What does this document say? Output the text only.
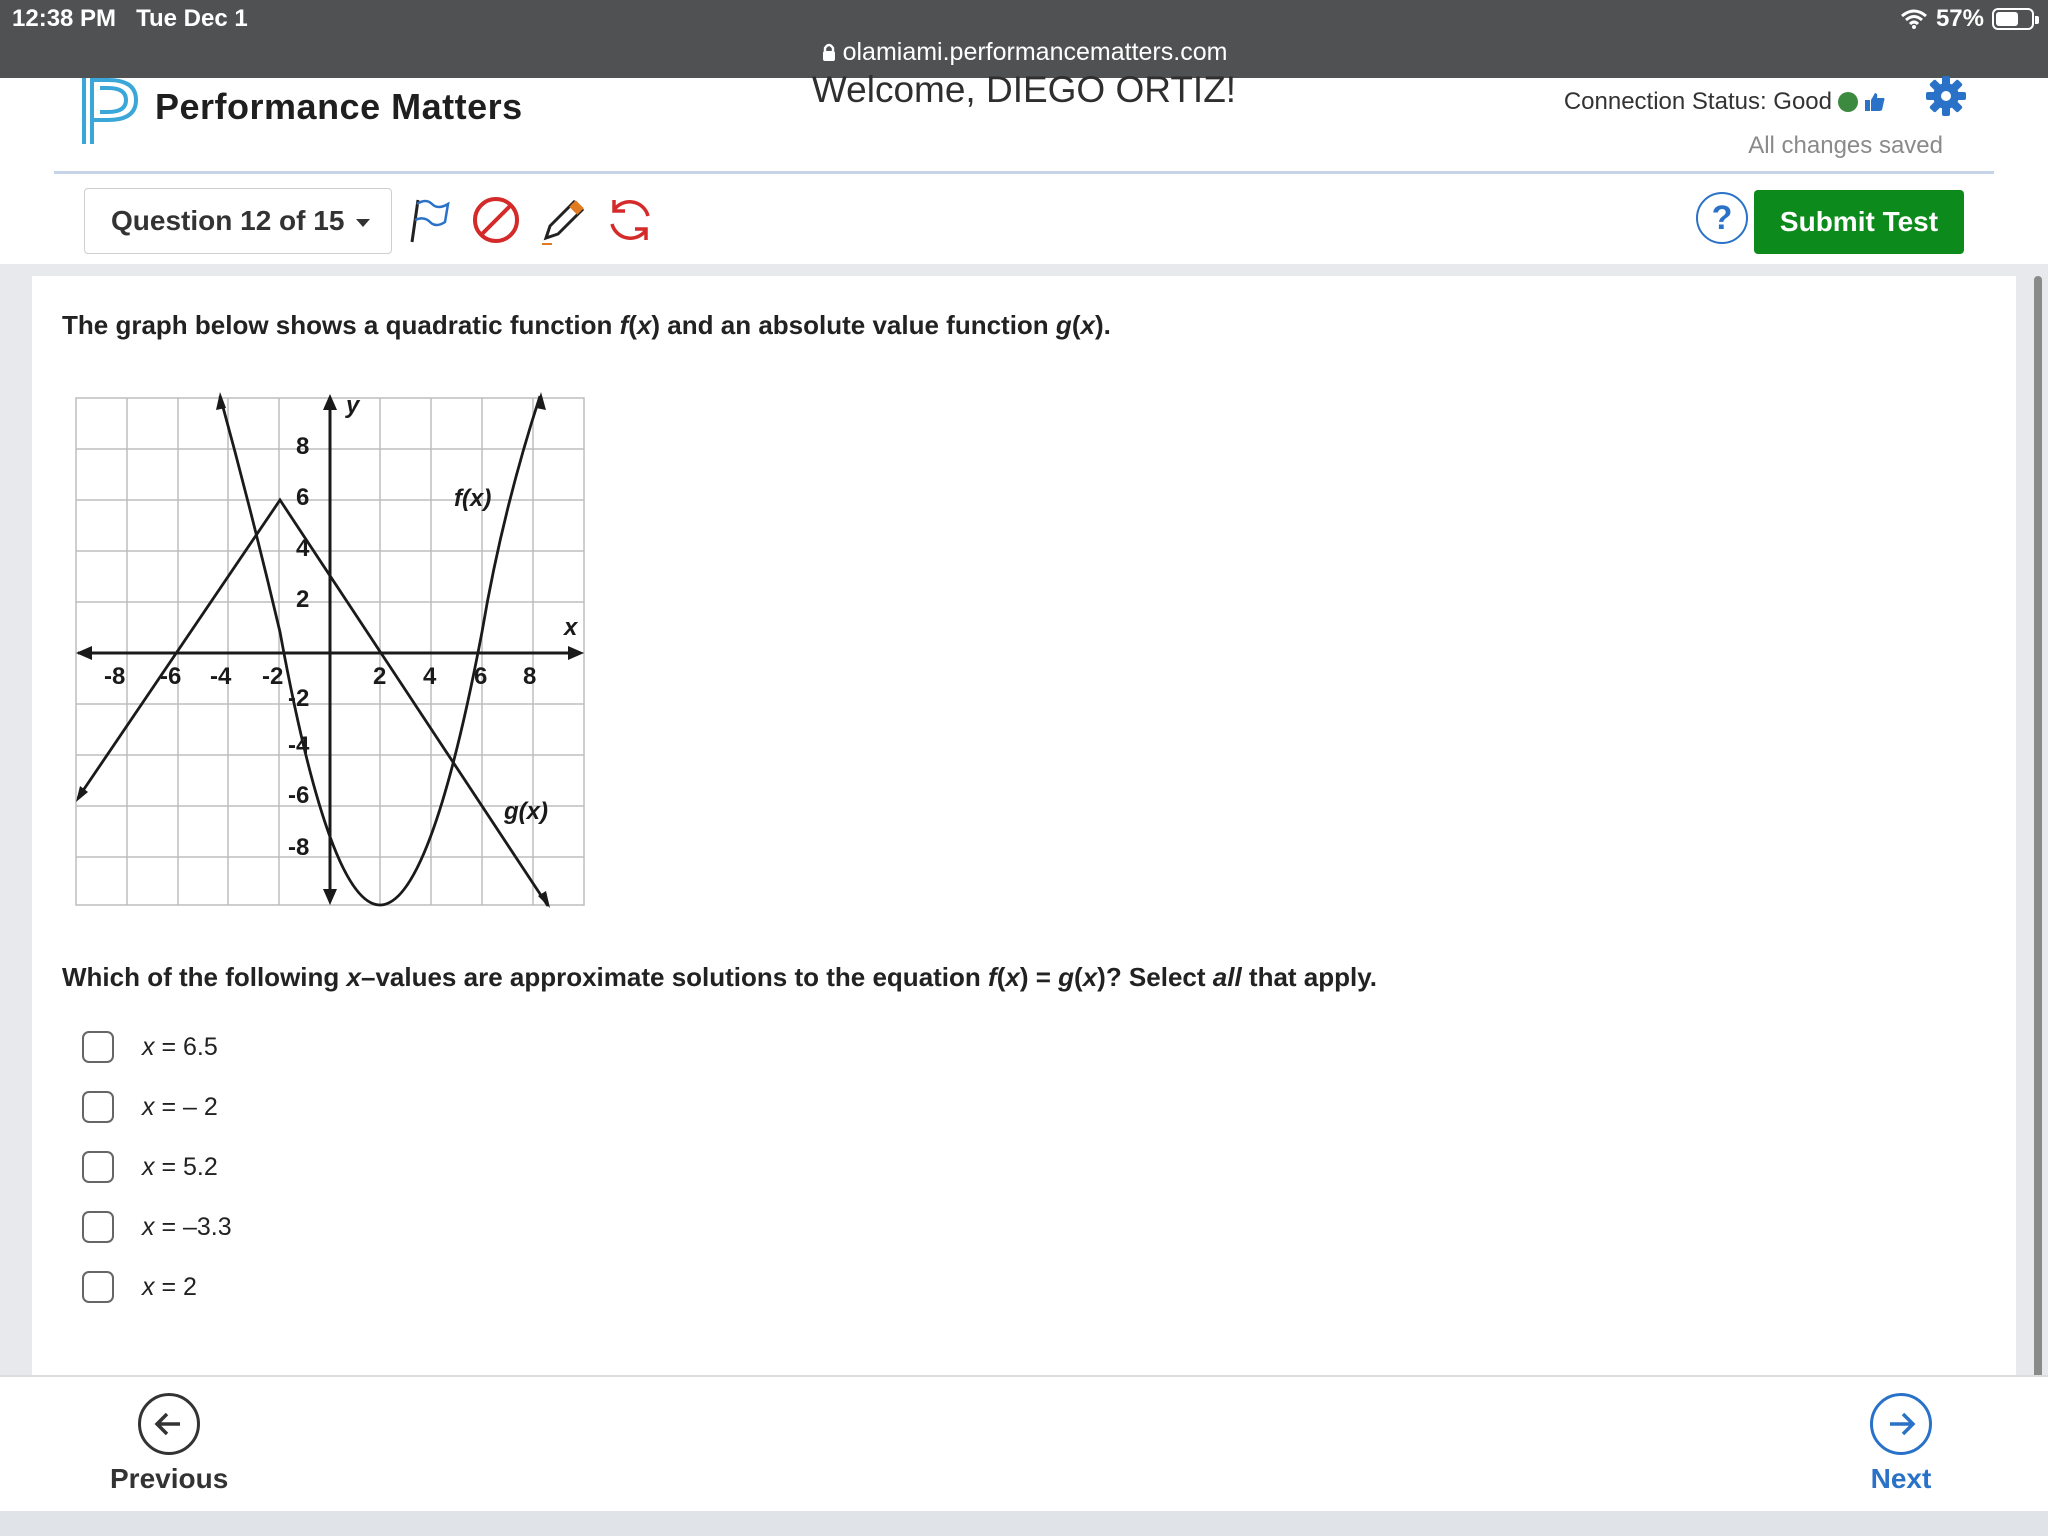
12:38 PM Tue Dec 1	57%
olamiami.performancematters.com
Performance Matters	Welcome, DIEGO ORTIZ!	Connection Status: Good
All changes saved
Question 12 of 15	?	Submit Test
The graph below shows a quadratic function f(x) and an absolute value function g(x).
y
x
f(x)
g(x)
-8 -6 -4 -2	2 4 6 8
8
6
4
2
-2
-4
-6
-8
Which of the following x–values are approximate solutions to the equation f(x) = g(x)? Select all that apply.
x = 6.5
x = – 2
x = 5.2
x = –3.3
x = 2
Previous	Next
